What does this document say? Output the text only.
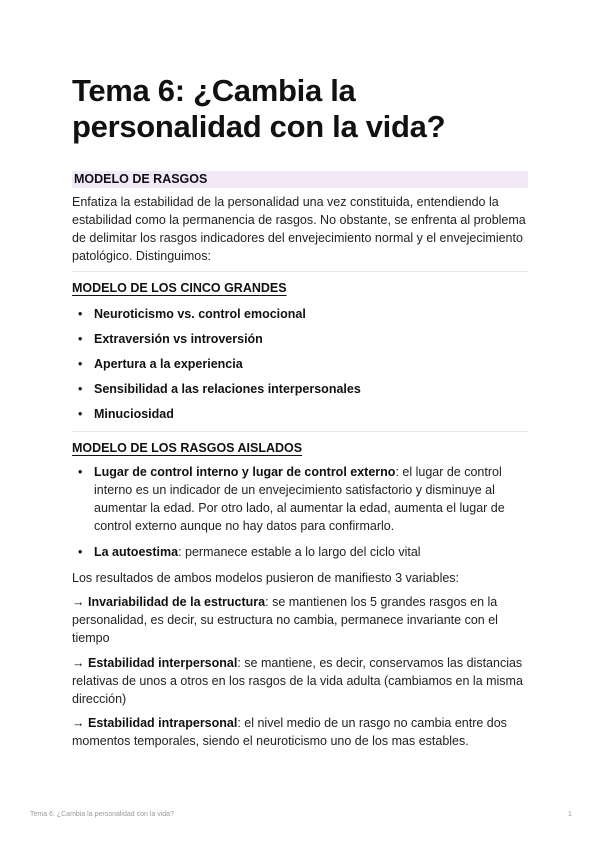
Tema 6: ¿Cambia la personalidad con la vida?
MODELO DE RASGOS

Enfatiza la estabilidad de la personalidad una vez constituida, entendiendo la estabilidad como la permanencia de rasgos. No obstante, se enfrenta al problema de delimitar los rasgos indicadores del envejecimiento normal y el envejecimiento patológico. Distinguimos:

MODELO DE LOS CINCO GRANDES
• Neuroticismo vs. control emocional
• Extraversión vs introversión
• Apertura a la experiencia
• Sensibilidad a las relaciones interpersonales
• Minuciosidad
MODELO DE LOS RASGOS AISLADOS
• Lugar de control interno y lugar de control externo: el lugar de control interno es un indicador de un envejecimiento satisfactorio y disminuye al aumentar la edad. Por otro lado, al aumentar la edad, aumenta el lugar de control externo aunque no hay datos para confirmarlo.
• La autoestima: permanece estable a lo largo del ciclo vital

Los resultados de ambos modelos pusieron de manifiesto 3 variables:

→ Invariabilidad de la estructura: se mantienen los 5 grandes rasgos en la personalidad, es decir, su estructura no cambia, permanece invariante con el tiempo

→ Estabilidad interpersonal: se mantiene, es decir, conservamos las distancias relativas de unos a otros en los rasgos de la vida adulta (cambiamos en la misma dirección)

→ Estabilidad intrapersonal: el nivel medio de un rasgo no cambia entre dos momentos temporales, siendo el neuroticismo uno de los mas estables.

Tema 6: ¿Cambia la personalidad con la vida?	1
